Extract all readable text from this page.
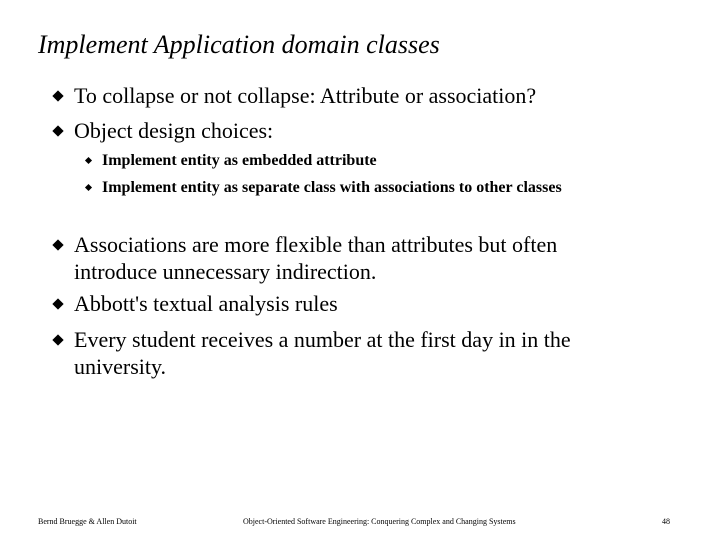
Implement Application domain classes
To collapse or not collapse: Attribute or association?
Object design choices:
Implement entity as embedded attribute
Implement entity as separate class with associations to other classes
Associations are more flexible than attributes but often introduce unnecessary indirection.
Abbott's textual analysis rules
Every student receives a number at the first day in in the university.
Bernd Bruegge & Allen Dutoit	Object-Oriented Software Engineering: Conquering Complex and Changing Systems	48
